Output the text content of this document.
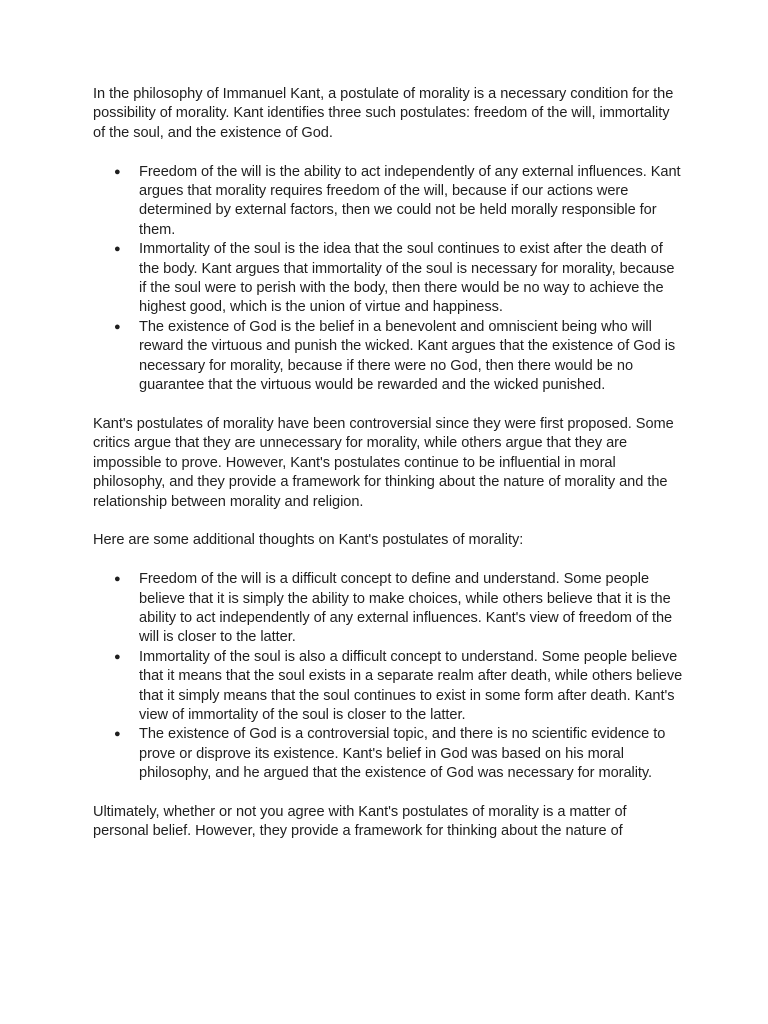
In the philosophy of Immanuel Kant, a postulate of morality is a necessary condition for the possibility of morality. Kant identifies three such postulates: freedom of the will, immortality of the soul, and the existence of God.

● Freedom of the will is the ability to act independently of any external influences. Kant argues that morality requires freedom of the will, because if our actions were determined by external factors, then we could not be held morally responsible for them.
● Immortality of the soul is the idea that the soul continues to exist after the death of the body. Kant argues that immortality of the soul is necessary for morality, because if the soul were to perish with the body, then there would be no way to achieve the highest good, which is the union of virtue and happiness.
● The existence of God is the belief in a benevolent and omniscient being who will reward the virtuous and punish the wicked. Kant argues that the existence of God is necessary for morality, because if there were no God, then there would be no guarantee that the virtuous would be rewarded and the wicked punished.

Kant's postulates of morality have been controversial since they were first proposed. Some critics argue that they are unnecessary for morality, while others argue that they are impossible to prove. However, Kant's postulates continue to be influential in moral philosophy, and they provide a framework for thinking about the nature of morality and the relationship between morality and religion.

Here are some additional thoughts on Kant's postulates of morality:

● Freedom of the will is a difficult concept to define and understand. Some people believe that it is simply the ability to make choices, while others believe that it is the ability to act independently of any external influences. Kant's view of freedom of the will is closer to the latter.
● Immortality of the soul is also a difficult concept to understand. Some people believe that it means that the soul exists in a separate realm after death, while others believe that it simply means that the soul continues to exist in some form after death. Kant's view of immortality of the soul is closer to the latter.
● The existence of God is a controversial topic, and there is no scientific evidence to prove or disprove its existence. Kant's belief in God was based on his moral philosophy, and he argued that the existence of God was necessary for morality.

Ultimately, whether or not you agree with Kant's postulates of morality is a matter of personal belief. However, they provide a framework for thinking about the nature of
